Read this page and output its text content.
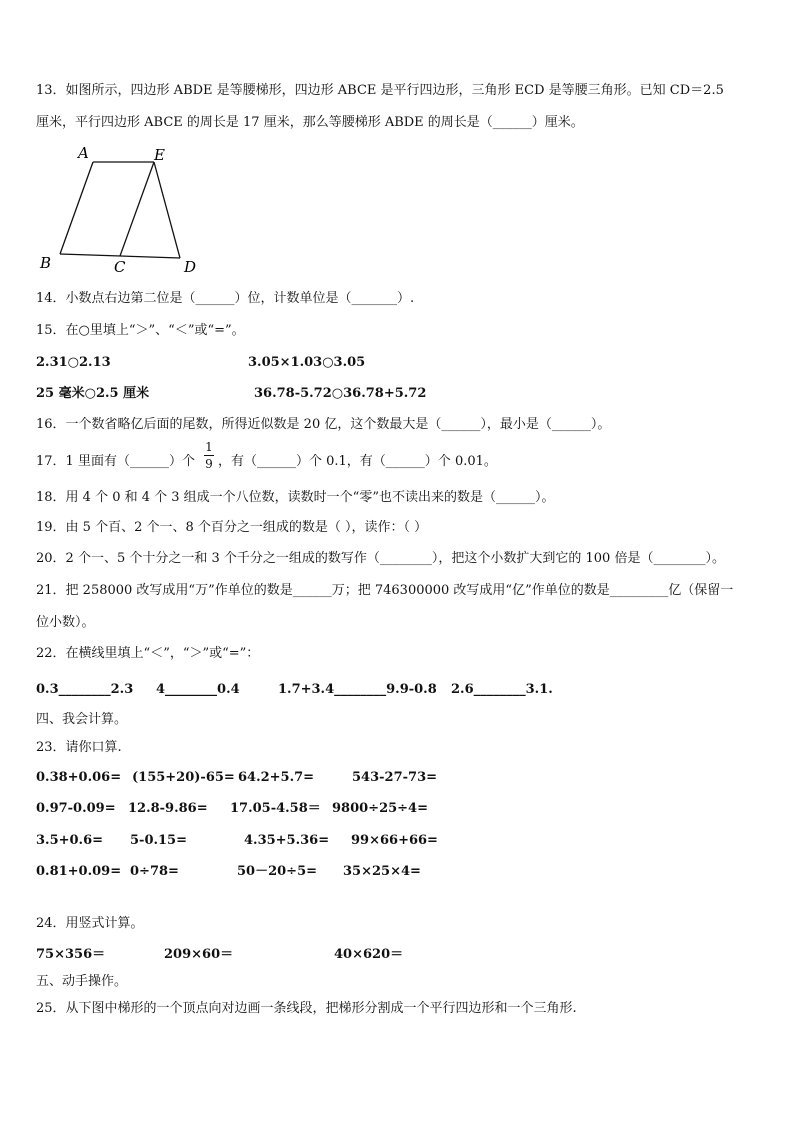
13．如图所示，四边形 ABDE 是等腰梯形，四边形 ABCE 是平行四边形，三角形 ECD 是等腰三角形。已知 CD＝2.5
厘米，平行四边形 ABCE 的周长是 17 厘米，那么等腰梯形 ABDE 的周长是（______）厘米。
A	E
B	C	D
14．小数点右边第二位是（______）位，计数单位是（_______）.
15．在○里填上“＞”、“＜”或“=”。
2.31○2.13	3.05×1.03○3.05
25 毫米○2.5 厘米	36.78-5.72○36.78+5.72
16．一个数省略亿后面的尾数，所得近似数是 20 亿，这个数最大是（______），最小是（______）。
17．1 里面有（______）个
1
9 ，有（______）个 0.1，有（______）个 0.01。
18．用 4 个 0 和 4 个 3 组成一个八位数，读数时一个“零”也不读出来的数是（______）。
19．由 5 个百、2 个一、8 个百分之一组成的数是（ ），读作：（ ）
20．2 个一、5 个十分之一和 3 个千分之一组成的数写作（________），把这个小数扩大到它的 100 倍是（________）。
21．把 258000 改写成用“万”作单位的数是______万；把 746300000 改写成用“亿”作单位的数是_________亿（保留一
位小数）。
22．在横线里填上“＜”，“＞”或“=”：
0.3________2.3 4________0.4	1.7+3.4________9.9-0.8 2.6________3.1.
四、我会计算。
23．请你口算.
0.38+0.06= (155+20)-65= 64.2+5.7=	543-27-73=
0.97-0.09= 12.8-9.86= 17.05-4.58＝ 9800÷25÷4=
3.5+0.6= 5-0.15=	4.35+5.36= 99×66+66=
0.81+0.09= 0÷78=	50－20÷5= 35×25×4=
24．用竖式计算。
75×356＝	209×60＝	40×620＝
五、动手操作。
25．从下图中梯形的一个顶点向对边画一条线段，把梯形分割成一个平行四边形和一个三角形.
